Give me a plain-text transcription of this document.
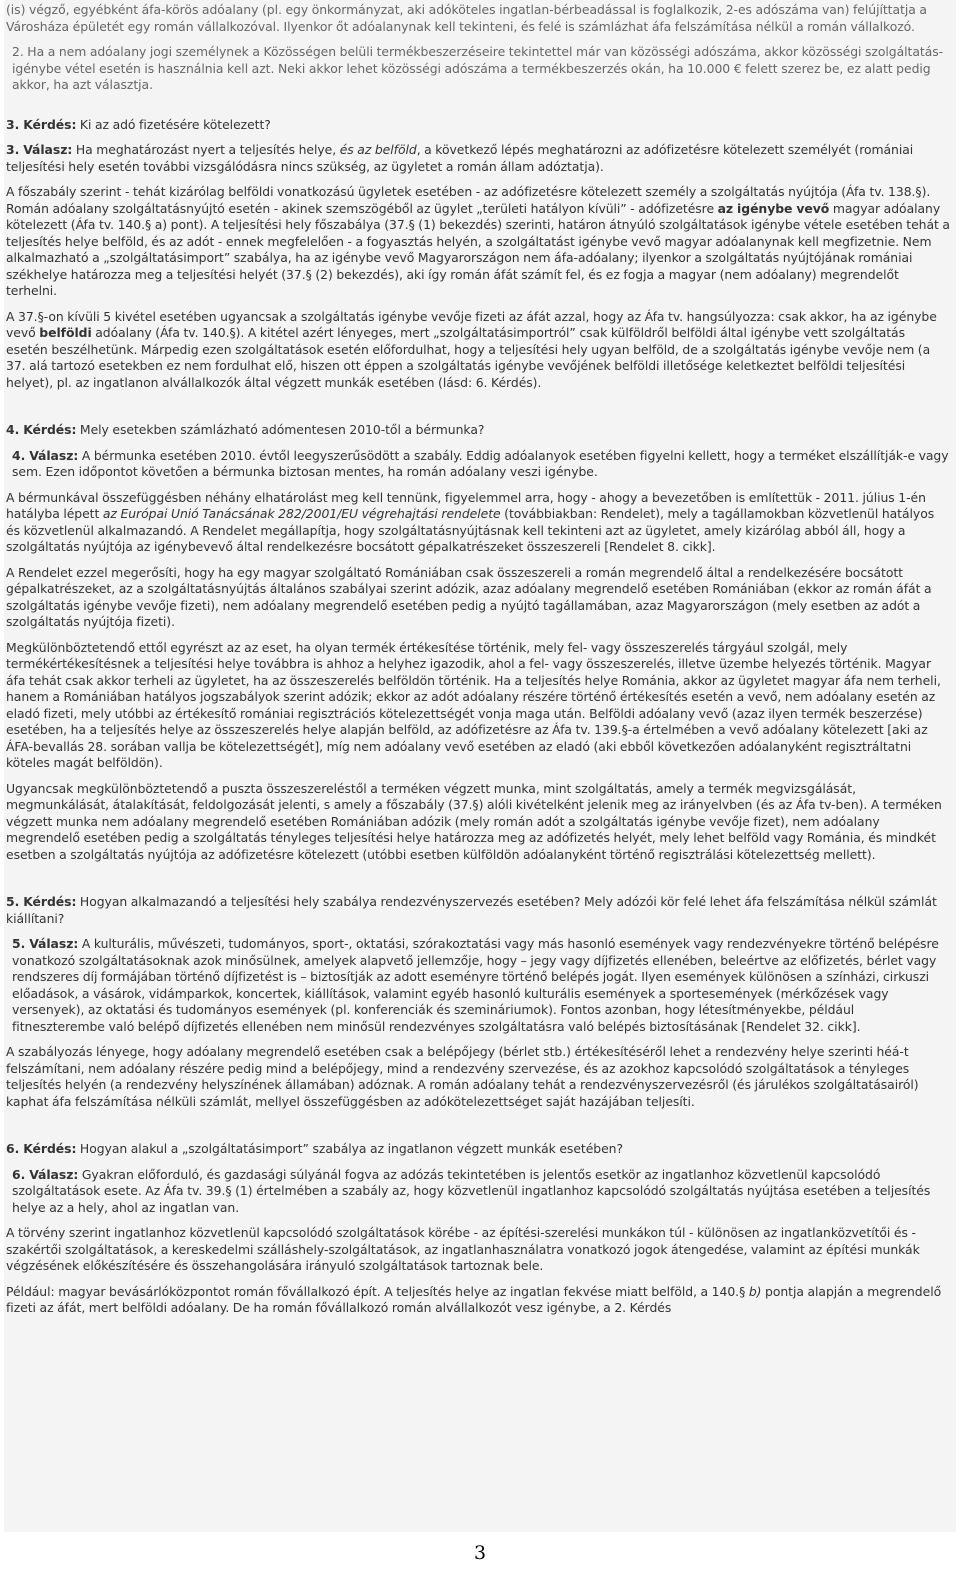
(is) végző, egyébként áfa-körös adóalany (pl. egy önkormányzat, aki adóköteles ingatlan-bérbeadással is foglalkozik, 2-es adószáma van) felújíttatja a Városháza épületét egy román vállalkozóval. Ilyenkor őt adóalanynak kell tekinteni, és felé is számlázhat áfa felszámítása nélkül a román vállalkozó.

2. Ha a nem adóalany jogi személynek a Közösségen belüli termékbeszerzéseire tekintettel már van közösségi adószáma, akkor közösségi szolgáltatás-igénybe vétel esetén is használnia kell azt. Neki akkor lehet közösségi adószáma a termékbeszerzés okán, ha 10.000 € felett szerez be, ez alatt pedig akkor, ha azt választja.

3. Kérdés: Ki az adó fizetésére kötelezett?

3. Válasz: Ha meghatározást nyert a teljesítés helye, és az belföld, a következő lépés meghatározni az adófizetésre kötelezett személyét (romániai teljesítési hely esetén további vizsgálódásra nincs szükség, az ügyletet a román állam adóztatja).

A főszabály szerint - tehát kizárólag belföldi vonatkozású ügyletek esetében - az adófizetésre kötelezett személy a szolgáltatás nyújtója (Áfa tv. 138.§). Román adóalany szolgáltatásnyújtó esetén - akinek szemszögéből az ügylet „területi hatályon kívüli” - adófizetésre az igénybe vevő magyar adóalany kötelezett (Áfa tv. 140.§ a) pont). A teljesítési hely főszabálya (37.§ (1) bekezdés) szerinti, határon átnyúló szolgáltatások igénybe vétele esetében tehát a teljesítés helye belföld, és az adót - ennek megfelelően - a fogyasztás helyén, a szolgáltatást igénybe vevő magyar adóalanynak kell megfizetnie. Nem alkalmazható a „szolgáltatásimport” szabálya, ha az igénybe vevő Magyarországon nem áfa-adóalany; ilyenkor a szolgáltatás nyújtójának romániai székhelye határozza meg a teljesítési helyét (37.§ (2) bekezdés), aki így román áfát számít fel, és ez fogja a magyar (nem adóalany) megrendelőt terhelni.

A 37.§-on kívüli 5 kivétel esetében ugyancsak a szolgáltatás igénybe vevője fizeti az áfát azzal, hogy az Áfa tv. hangsúlyozza: csak akkor, ha az igénybe vevő belföldi adóalany (Áfa tv. 140.§). A kitétel azért lényeges, mert „szolgáltatásimportról” csak külföldről belföldi által igénybe vett szolgáltatás esetén beszélhetünk. Márpedig ezen szolgáltatások esetén előfordulhat, hogy a teljesítési hely ugyan belföld, de a szolgáltatás igénybe vevője nem (a 37. alá tartozó esetekben ez nem fordulhat elő, hiszen ott éppen a szolgáltatás igénybe vevőjének belföldi illetősége keletkeztet belföldi teljesítési helyet), pl. az ingatlanon alvállalkozók által végzett munkák esetében (lásd: 6. Kérdés).

4. Kérdés: Mely esetekben számlázható adómentesen 2010-től a bérmunka?

4. Válasz: A bérmunka esetében 2010. évtől leegyszerűsödött a szabály. Eddig adóalanyok esetében figyelni kellett, hogy a terméket elszállítják-e vagy sem. Ezen időpontot követően a bérmunka biztosan mentes, ha román adóalany veszi igénybe.

A bérmunkával összefüggésben néhány elhatárolást meg kell tennünk, figyelemmel arra, hogy - ahogy a bevezetőben is említettük - 2011. július 1-én hatályba lépett az Európai Unió Tanácsának 282/2001/EU végrehajtási rendelete (továbbiakban: Rendelet), mely a tagállamokban közvetlenül hatályos és közvetlenül alkalmazandó. A Rendelet megállapítja, hogy szolgáltatásnyújtásnak kell tekinteni azt az ügyletet, amely kizárólag abból áll, hogy a szolgáltatás nyújtója az igénybevevő által rendelkezésre bocsátott gépalkatrészeket összeszereli [Rendelet 8. cikk].

A Rendelet ezzel megerősíti, hogy ha egy magyar szolgáltató Romániában csak összeszereli a román megrendelő által a rendelkezésére bocsátott gépalkatrészeket, az a szolgáltatásnyújtás általános szabályai szerint adózik, azaz adóalany megrendelő esetében Romániában (ekkor az román áfát a szolgáltatás igénybe vevője fizeti), nem adóalany megrendelő esetében pedig a nyújtó tagállamában, azaz Magyarországon (mely esetben az adót a szolgáltatás nyújtója fizeti).

Megkülönböztetendő ettől egyrészt az az eset, ha olyan termék értékesítése történik, mely fel- vagy összeszerelés tárgyául szolgál, mely termékértékesítésnek a teljesítési helye továbbra is ahhoz a helyhez igazodik, ahol a fel- vagy összeszerelés, illetve üzembe helyezés történik. Magyar áfa tehát csak akkor terheli az ügyletet, ha az összeszerelés belföldön történik. Ha a teljesítés helye Románia, akkor az ügyletet magyar áfa nem terheli, hanem a Romániában hatályos jogszabályok szerint adózik; ekkor az adót adóalany részére történő értékesítés esetén a vevő, nem adóalany esetén az eladó fizeti, mely utóbbi az értékesítő romániai regisztrációs kötelezettségét vonja maga után. Belföldi adóalany vevő (azaz ilyen termék beszerzése) esetében, ha a teljesítés helye az összeszerelés helye alapján belföld, az adófizetésre az Áfa tv. 139.§-a értelmében a vevő adóalany kötelezett [aki az ÁFA-bevallás 28. sorában vallja be kötelezettségét], míg nem adóalany vevő esetében az eladó (aki ebből következően adóalanyként regisztráltatni köteles magát belföldön).

Ugyancsak megkülönböztetendő a puszta összeszereléstől a terméken végzett munka, mint szolgáltatás, amely a termék megvizsgálását, megmunkálását, átalakítását, feldolgozását jelenti, s amely a főszabály (37.§) alóli kivételként jelenik meg az irányelvben (és az Áfa tv-ben). A terméken végzett munka nem adóalany megrendelő esetében Romániában adózik (mely román adót a szolgáltatás igénybe vevője fizet), nem adóalany megrendelő esetében pedig a szolgáltatás tényleges teljesítési helye határozza meg az adófizetés helyét, mely lehet belföld vagy Románia, és mindkét esetben a szolgáltatás nyújtója az adófizetésre kötelezett (utóbbi esetben külföldön adóalanyként történő regisztrálási kötelezettség mellett).

5. Kérdés: Hogyan alkalmazandó a teljesítési hely szabálya rendezvényszervezés esetében? Mely adózói kör felé lehet áfa felszámítása nélkül számlát kiállítani?

5. Válasz: A kulturális, művészeti, tudományos, sport-, oktatási, szórakoztatási vagy más hasonló események vagy rendezvényekre történő belépésre vonatkozó szolgáltatásoknak azok minősülnek, amelyek alapvető jellemzője, hogy – jegy vagy díjfizetés ellenében, beleértve az előfizetés, bérlet vagy rendszeres díj formájában történő díjfizetést is – biztosítják az adott eseményre történő belépés jogát. Ilyen események különösen a színházi, cirkuszi előadások, a vásárok, vidámparkok, koncertek, kiállítások, valamint egyéb hasonló kulturális események a sportesemények (mérkőzések vagy versenyek), az oktatási és tudományos események (pl. konferenciák és szemináriumok). Fontos azonban, hogy létesítményekbe, például fitneszterembe való belépő díjfizetés ellenében nem minősül rendezvényes szolgáltatásra való belépés biztosításának [Rendelet 32. cikk].

A szabályozás lényege, hogy adóalany megrendelő esetében csak a belépőjegy (bérlet stb.) értékesítéséről lehet a rendezvény helye szerinti héá-t felszámítani, nem adóalany részére pedig mind a belépőjegy, mind a rendezvény szervezése, és az azokhoz kapcsolódó szolgáltatások a tényleges teljesítés helyén (a rendezvény helyszínének államában) adóznak. A román adóalany tehát a rendezvényszervezésről (és járulékos szolgáltatásairól) kaphat áfa felszámítása nélküli számlát, mellyel összefüggésben az adókötelezettséget saját hazájában teljesíti.

6. Kérdés: Hogyan alakul a „szolgáltatásimport” szabálya az ingatlanon végzett munkák esetében?

6. Válasz: Gyakran előforduló, és gazdasági súlyánál fogva az adózás tekintetében is jelentős esetkör az ingatlanhoz közvetlenül kapcsolódó szolgáltatások esete. Az Áfa tv. 39.§ (1) értelmében a szabály az, hogy közvetlenül ingatlanhoz kapcsolódó szolgáltatás nyújtása esetében a teljesítés helye az a hely, ahol az ingatlan van.

A törvény szerint ingatlanhoz közvetlenül kapcsolódó szolgáltatások körébe - az építési-szerelési munkákon túl - különösen az ingatlanközvetítői és -szakértői szolgáltatások, a kereskedelmi szálláshely-szolgáltatások, az ingatlanhasználatra vonatkozó jogok átengedése, valamint az építési munkák végzésének előkészítésére és összehangolására irányuló szolgáltatások tartoznak bele.

Például: magyar bevásárlóközpontot román fővállalkozó épít. A teljesítés helye az ingatlan fekvése miatt belföld, a 140.§ b) pontja alapján a megrendelő fizeti az áfát, mert belföldi adóalany. De ha román fővállalkozó román alvállalkozót vesz igénybe, a 2. Kérdés

3
